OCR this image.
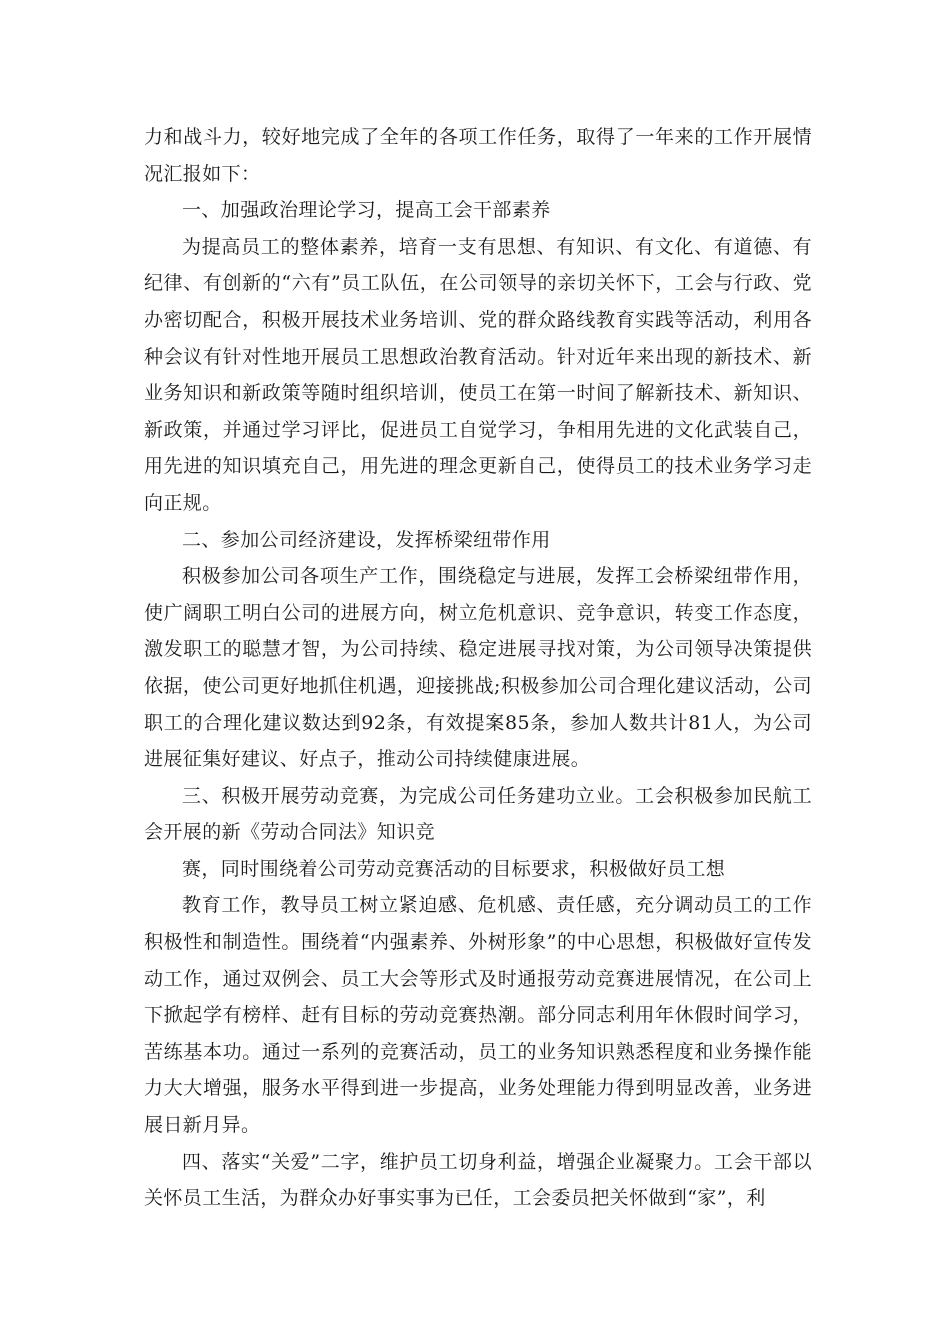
力和战斗力，较好地完成了全年的各项工作任务，取得了一年来的工作开展情况汇报如下：

一、加强政治理论学习，提高工会干部素养

为提高员工的整体素养，培育一支有思想、有知识、有文化、有道德、有纪律、有创新的“六有”员工队伍，在公司领导的亲切关怀下，工会与行政、党办密切配合，积极开展技术业务培训、党的群众路线教育实践等活动，利用各种会议有针对性地开展员工思想政治教育活动。针对近年来出现的新技术、新业务知识和新政策等随时组织培训，使员工在第一时间了解新技术、新知识、新政策，并通过学习评比，促进员工自觉学习，争相用先进的文化武装自己，用先进的知识填充自己，用先进的理念更新自己，使得员工的技术业务学习走向正规。

二、参加公司经济建设，发挥桥梁纽带作用

积极参加公司各项生产工作，围绕稳定与进展，发挥工会桥梁纽带作用，使广阔职工明白公司的进展方向，树立危机意识、竞争意识，转变工作态度，激发职工的聪慧才智，为公司持续、稳定进展寻找对策，为公司领导决策提供依据，使公司更好地抓住机遇，迎接挑战;积极参加公司合理化建议活动，公司职工的合理化建议数达到92条，有效提案85条，参加人数共计81人，为公司进展征集好建议、好点子，推动公司持续健康进展。

三、积极开展劳动竞赛，为完成公司任务建功立业。工会积极参加民航工会开展的新《劳动合同法》知识竞

赛，同时围绕着公司劳动竞赛活动的目标要求，积极做好员工想

教育工作，教导员工树立紧迫感、危机感、责任感，充分调动员工的工作积极性和制造性。围绕着“内强素养、外树形象”的中心思想，积极做好宣传发动工作，通过双例会、员工大会等形式及时通报劳动竞赛进展情况，在公司上下掀起学有榜样、赶有目标的劳动竞赛热潮。部分同志利用年休假时间学习，苦练基本功。通过一系列的竞赛活动，员工的业务知识熟悉程度和业务操作能力大大增强，服务水平得到进一步提高，业务处理能力得到明显改善，业务进展日新月异。

四、落实“关爱”二字，维护员工切身利益，增强企业凝聚力。工会干部以关怀员工生活，为群众办好事实事为已任，工会委员把关怀做到“家”，利
